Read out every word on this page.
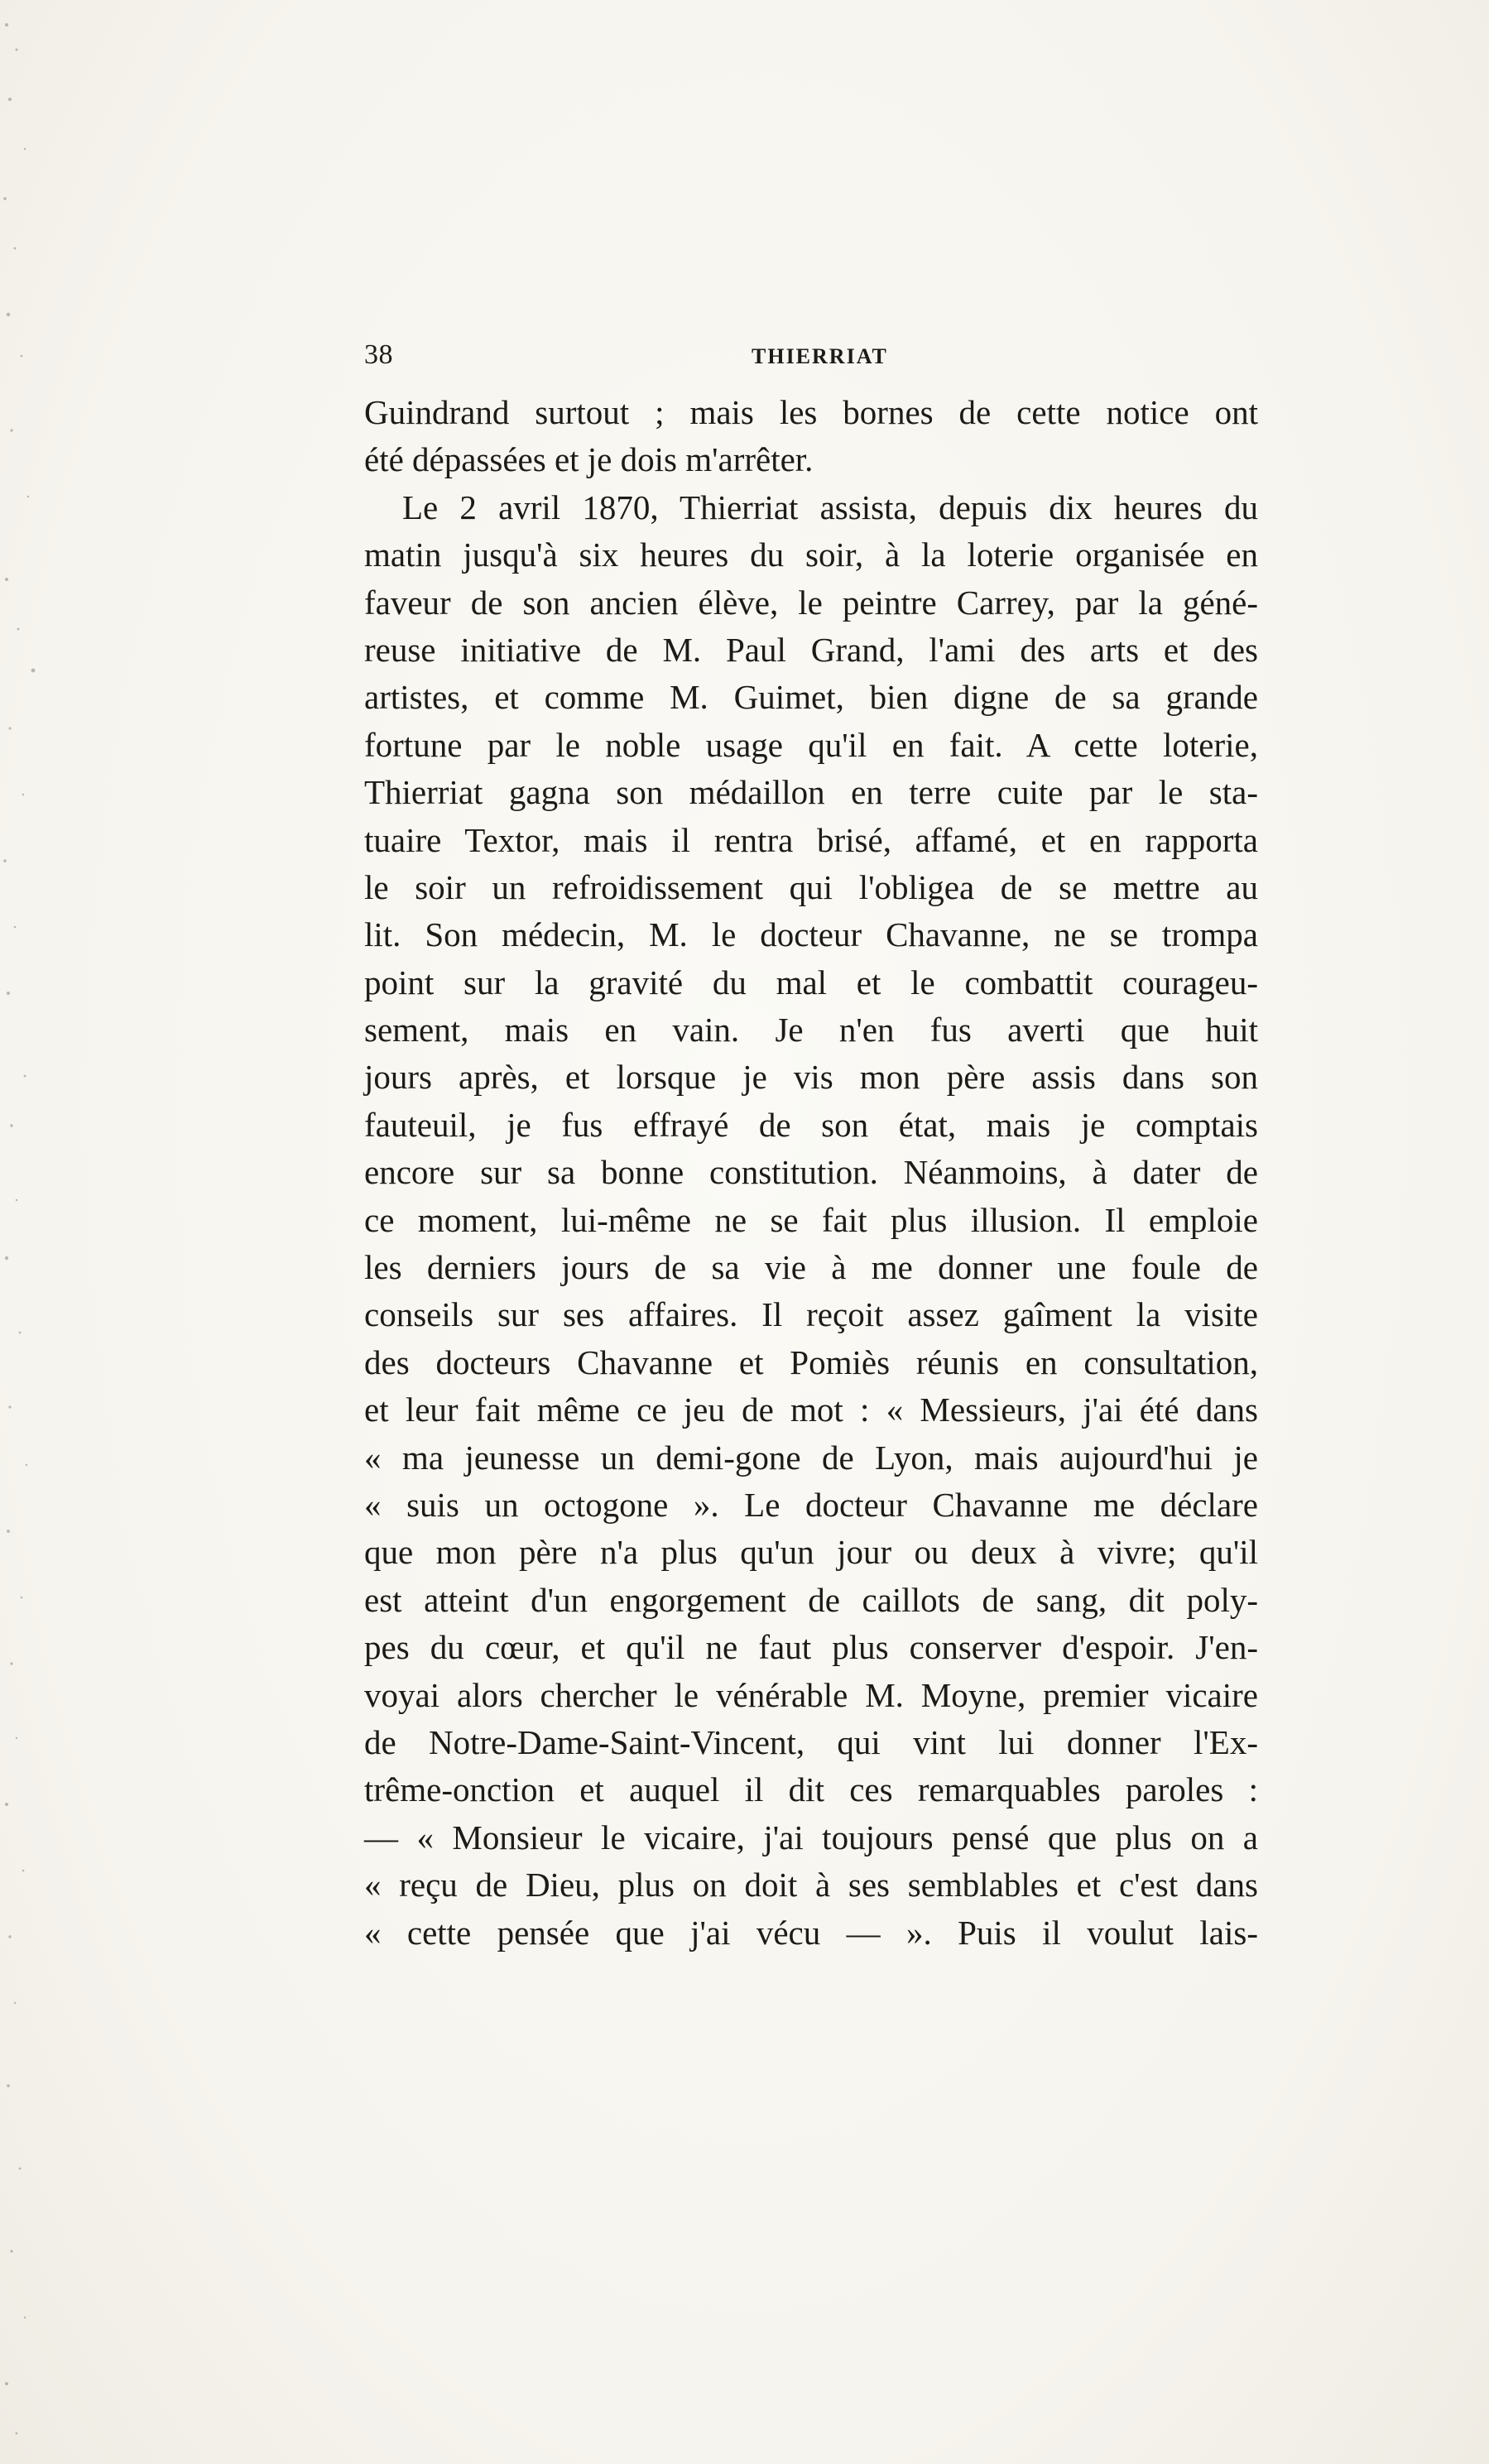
38	THIERRIAT
Guindrand surtout ; mais les bornes de cette notice ont
été dépassées et je dois m'arrêter.
Le 2 avril 1870, Thierriat assista, depuis dix heures du
matin jusqu'à six heures du soir, à la loterie organisée en
faveur de son ancien élève, le peintre Carrey, par la géné-
reuse initiative de M. Paul Grand, l'ami des arts et des
artistes, et comme M. Guimet, bien digne de sa grande
fortune par le noble usage qu'il en fait. A cette loterie,
Thierriat gagna son médaillon en terre cuite par le sta-
tuaire Textor, mais il rentra brisé, affamé, et en rapporta
le soir un refroidissement qui l'obligea de se mettre au
lit. Son médecin, M. le docteur Chavanne, ne se trompa
point sur la gravité du mal et le combattit courageu-
sement, mais en vain. Je n'en fus averti que huit
jours après, et lorsque je vis mon père assis dans son
fauteuil, je fus effrayé de son état, mais je comptais
encore sur sa bonne constitution. Néanmoins, à dater de
ce moment, lui-même ne se fait plus illusion. Il emploie
les derniers jours de sa vie à me donner une foule de
conseils sur ses affaires. Il reçoit assez gaîment la visite
des docteurs Chavanne et Pomiès réunis en consultation,
et leur fait même ce jeu de mot : « Messieurs, j'ai été dans
« ma jeunesse un demi-gone de Lyon, mais aujourd'hui je
« suis un octogone ». Le docteur Chavanne me déclare
que mon père n'a plus qu'un jour ou deux à vivre; qu'il
est atteint d'un engorgement de caillots de sang, dit poly-
pes du cœur, et qu'il ne faut plus conserver d'espoir. J'en-
voyai alors chercher le vénérable M. Moyne, premier vicaire
de Notre-Dame-Saint-Vincent, qui vint lui donner l'Ex-
trême-onction et auquel il dit ces remarquables paroles :
— « Monsieur le vicaire, j'ai toujours pensé que plus on a
« reçu de Dieu, plus on doit à ses semblables et c'est dans
« cette pensée que j'ai vécu — ». Puis il voulut lais-
